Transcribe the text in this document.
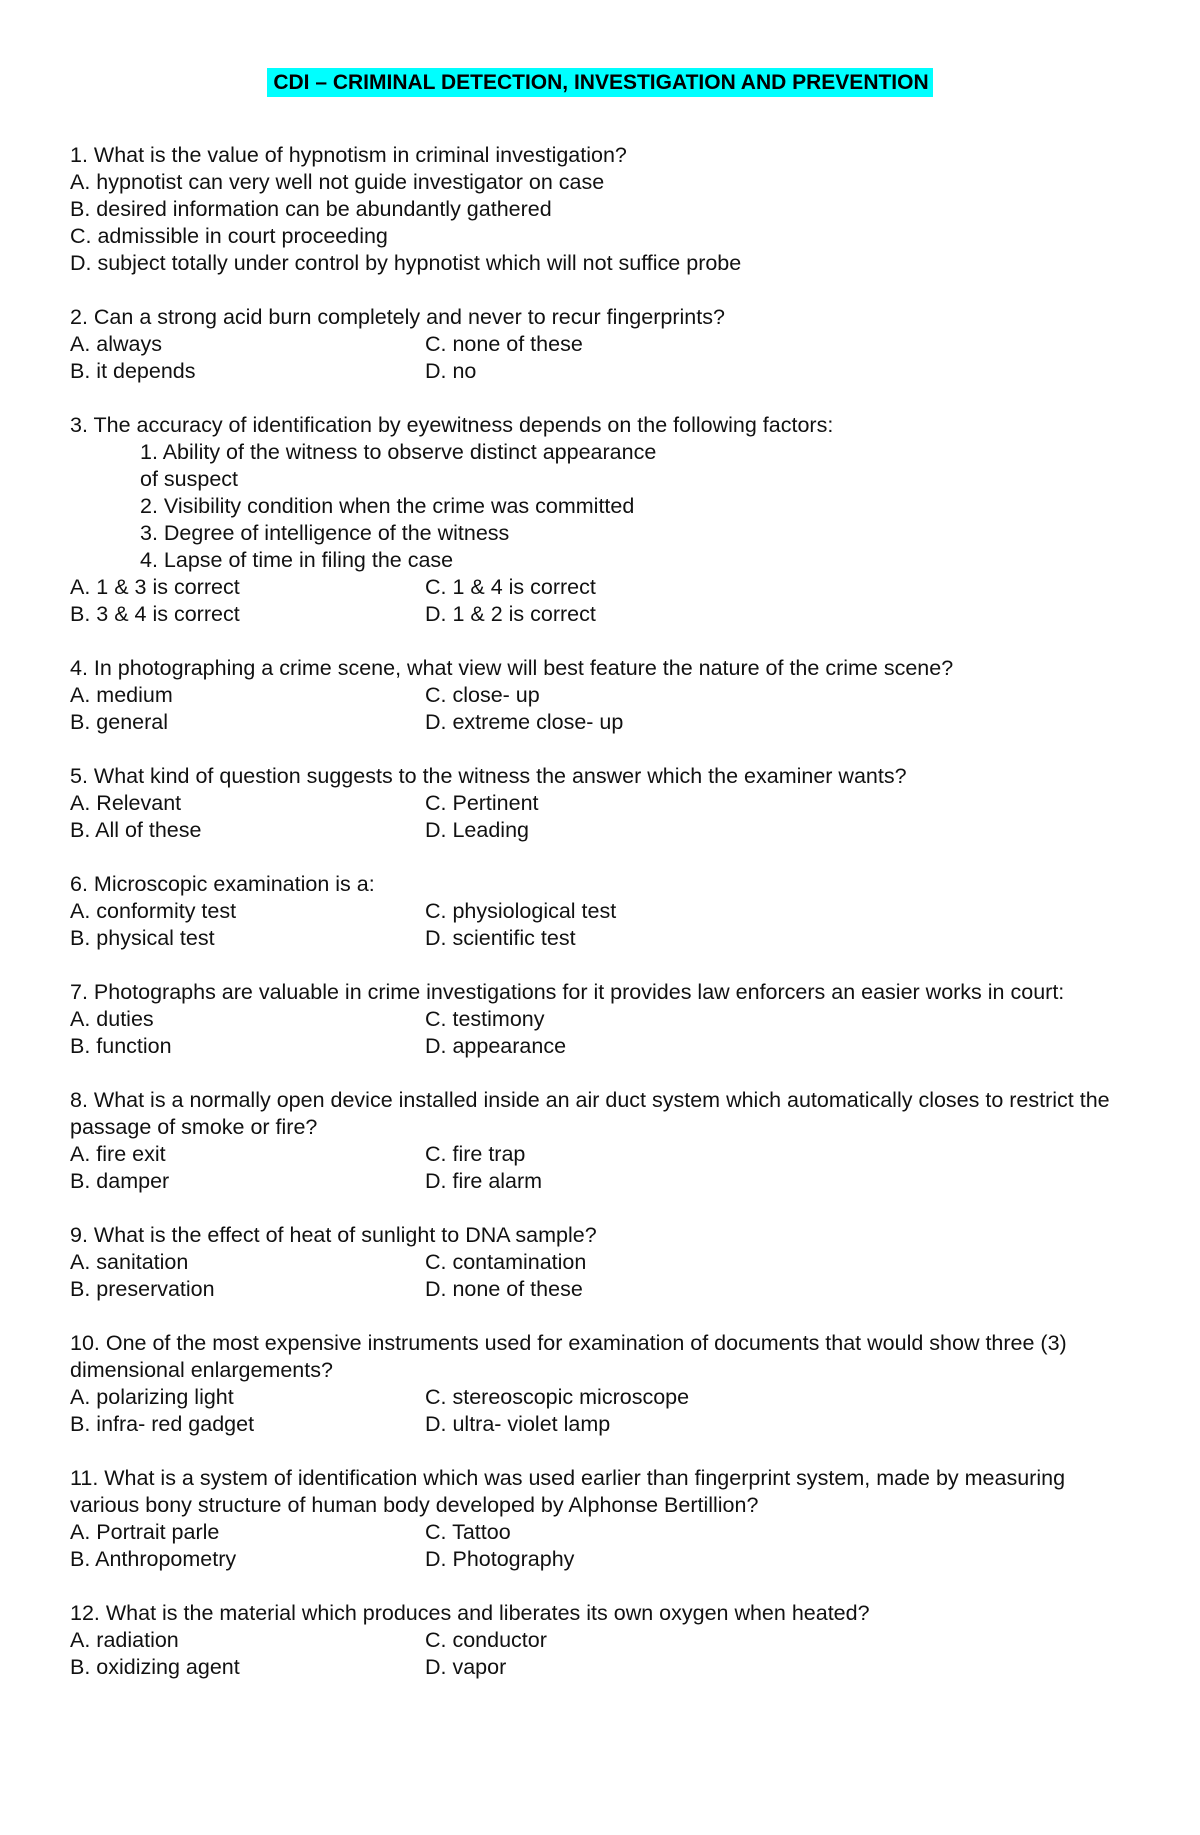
CDI – CRIMINAL DETECTION, INVESTIGATION AND PREVENTION
1. What is the value of hypnotism in criminal investigation?
A. hypnotist can very well not guide investigator on case
B. desired information can be abundantly gathered
C. admissible in court proceeding
D. subject totally under control by hypnotist which will not suffice probe
2. Can a strong acid burn completely and never to recur fingerprints?
A. always	C. none of these
B. it depends	D. no
3. The accuracy of identification by eyewitness depends on the following factors:
1. Ability of the witness to observe distinct appearance
of suspect
2. Visibility condition when the crime was committed
3. Degree of intelligence of the witness
4. Lapse of time in filing the case
A. 1 & 3 is correct	C. 1 & 4 is correct
B. 3 & 4 is correct	D. 1 & 2 is correct
4. In photographing a crime scene, what view will best feature the nature of the crime scene?
A. medium	C. close- up
B. general	D. extreme close- up
5. What kind of question suggests to the witness the answer which the examiner wants?
A. Relevant	C. Pertinent
B. All of these	D. Leading
6. Microscopic examination is a:
A. conformity test	C. physiological test
B. physical test	D. scientific test
7. Photographs are valuable in crime investigations for it provides law enforcers an easier works in court:
A. duties	C. testimony
B. function	D. appearance
8. What is a normally open device installed inside an air duct system which automatically closes to restrict the passage of smoke or fire?
A. fire exit	C. fire trap
B. damper	D. fire alarm
9. What is the effect of heat of sunlight to DNA sample?
A. sanitation	C. contamination
B. preservation	D. none of these
10. One of the most expensive instruments used for examination of documents that would show three (3) dimensional enlargements?
A. polarizing light	C. stereoscopic microscope
B. infra- red gadget	D. ultra- violet lamp
11. What is a system of identification which was used earlier than fingerprint system, made by measuring various bony structure of human body developed by Alphonse Bertillion?
A. Portrait parle	C. Tattoo
B. Anthropometry	D. Photography
12. What is the material which produces and liberates its own oxygen when heated?
A. radiation	C. conductor
B. oxidizing agent	D. vapor
